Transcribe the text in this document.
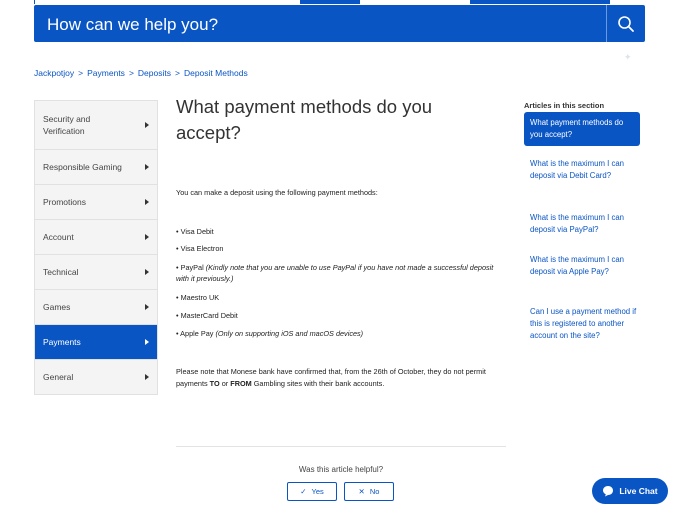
How can we help you?
✦
Jackpotjoy > Payments > Deposits > Deposit Methods
Security and Verification
Responsible Gaming
Promotions
Account
Technical
Games
Payments
General
What payment methods do you accept?
You can make a deposit using the following payment methods:
• Visa Debit
• Visa Electron
• PayPal (Kindly note that you are unable to use PayPal if you have not made a successful deposit with it previously.)
• Maestro UK
• MasterCard Debit
• Apple Pay (Only on supporting iOS and macOS devices)
Please note that Monese bank have confirmed that, from the 26th of October, they do not permit payments TO or FROM Gambling sites with their bank accounts.
Was this article helpful?
✓ Yes	✕ No
Articles in this section
What payment methods do you accept?
What is the maximum I can deposit via Debit Card?
What is the maximum I can deposit via PayPal?
What is the maximum I can deposit via Apple Pay?
Can I use a payment method if this is registered to another account on the site?
Live Chat
